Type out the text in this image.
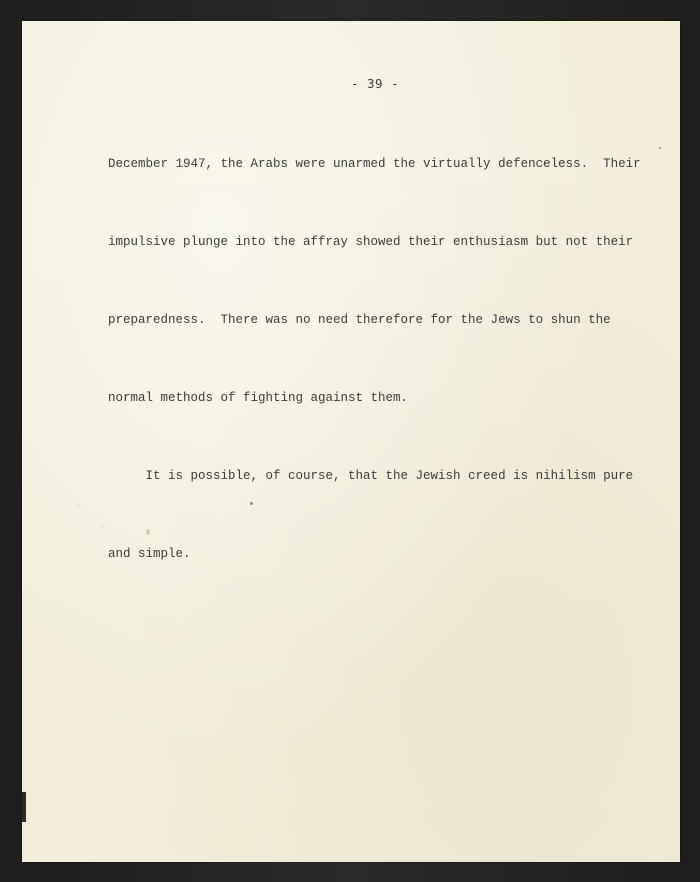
- 39 -

December 1947, the Arabs were unarmed the virtually defenceless.  Their

impulsive plunge into the affray showed their enthusiasm but not their

preparedness.  There was no need therefore for the Jews to shun the

normal methods of fighting against them.

It is possible, of course, that the Jewish creed is nihilism pure

and simple.
